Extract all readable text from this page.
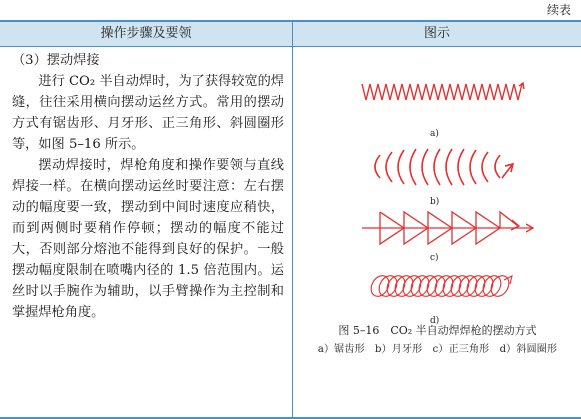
续表
操作步骤及要领	图示

（3）摆动焊接

进行 CO₂ 半自动焊时，为了获得较宽的焊缝，往往采用横向摆动运丝方式。常用的摆动方式有锯齿形、月牙形、正三角形、斜圆圈形等，如图 5–16 所示。

摆动焊接时，焊枪角度和操作要领与直线焊接一样。在横向摆动运丝时要注意：左右摆动的幅度要一致，摆动到中间时速度应稍快，而到两侧时要稍作停顿；摆动的幅度不能过大，否则部分熔池不能得到良好的保护。一般摆动幅度限制在喷嘴内径的 1.5 倍范围内。运丝时以手腕作为辅助，以手臂操作为主控制和掌握焊枪角度。

a)
b)
c)
d)
图 5–16　CO₂ 半自动焊焊枪的摆动方式
a）锯齿形　b）月牙形　c）正三角形　d）斜圆圈形
